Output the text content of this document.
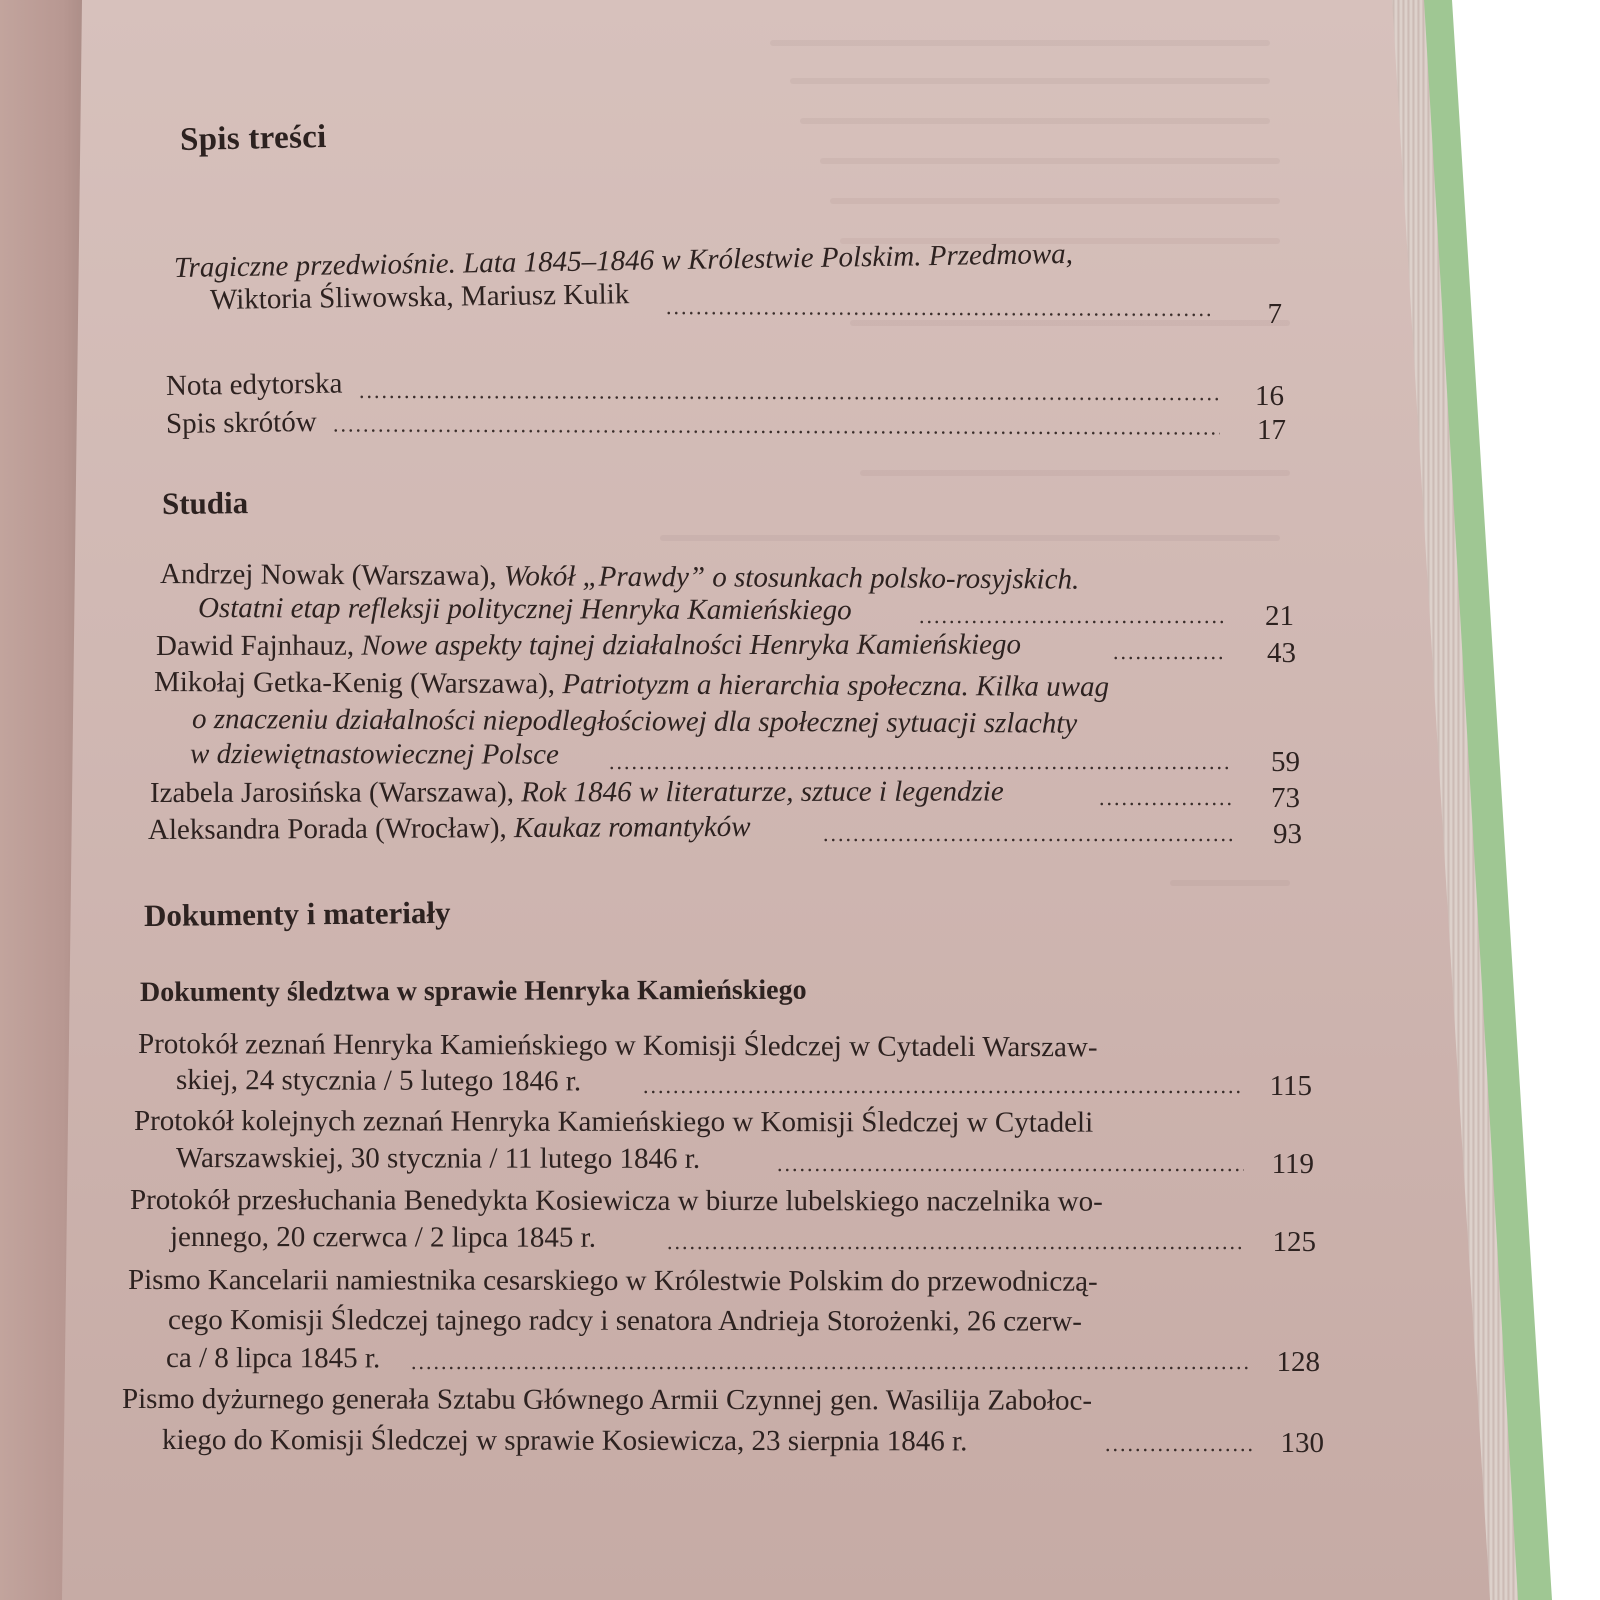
Spis treści
Tragiczne przedwiośnie. Lata 1845–1846 w Królestwie Polskim. Przedmowa,
Wiktoria Śliwowska, Mariusz Kulik	7
Nota edytorska	16
Spis skrótów	17
Studia
Andrzej Nowak (Warszawa), Wokół „Prawdy” o stosunkach polsko-rosyjskich.
Ostatni etap refleksji politycznej Henryka Kamieńskiego	21
Dawid Fajnhauz, Nowe aspekty tajnej działalności Henryka Kamieńskiego	43
Mikołaj Getka-Kenig (Warszawa), Patriotyzm a hierarchia społeczna. Kilka uwag
o znaczeniu działalności niepodległościowej dla społecznej sytuacji szlachty
w dziewiętnastowiecznej Polsce	59
Izabela Jarosińska (Warszawa), Rok 1846 w literaturze, sztuce i legendzie	73
Aleksandra Porada (Wrocław), Kaukaz romantyków	93
Dokumenty i materiały
Dokumenty śledztwa w sprawie Henryka Kamieńskiego
Protokół zeznań Henryka Kamieńskiego w Komisji Śledczej w Cytadeli Warszaw-
skiej, 24 stycznia / 5 lutego 1846 r.	115
Protokół kolejnych zeznań Henryka Kamieńskiego w Komisji Śledczej w Cytadeli
Warszawskiej, 30 stycznia / 11 lutego 1846 r.	119
Protokół przesłuchania Benedykta Kosiewicza w biurze lubelskiego naczelnika wo-
jennego, 20 czerwca / 2 lipca 1845 r.	125
Pismo Kancelarii namiestnika cesarskiego w Królestwie Polskim do przewodniczą-
cego Komisji Śledczej tajnego radcy i senatora Andrieja Storożenki, 26 czerw-
ca / 8 lipca 1845 r.	128
Pismo dyżurnego generała Sztabu Głównego Armii Czynnej gen. Wasilija Zabołoc-
kiego do Komisji Śledczej w sprawie Kosiewicza, 23 sierpnia 1846 r.	130
